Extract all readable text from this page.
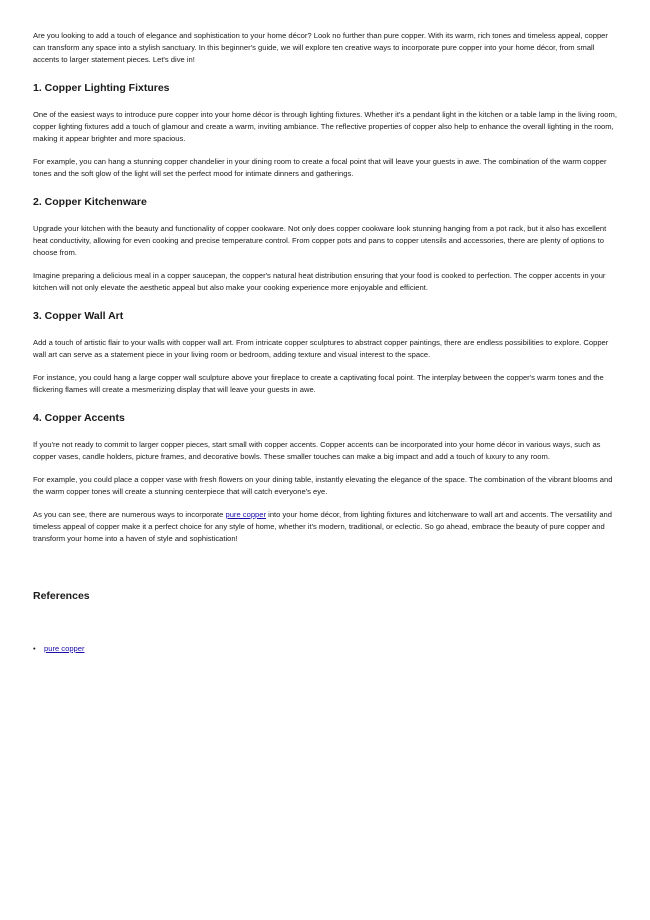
Are you looking to add a touch of elegance and sophistication to your home décor? Look no further than pure copper. With its warm, rich tones and timeless appeal, copper can transform any space into a stylish sanctuary. In this beginner's guide, we will explore ten creative ways to incorporate pure copper into your home décor, from small accents to larger statement pieces. Let's dive in!

1. Copper Lighting Fixtures

One of the easiest ways to introduce pure copper into your home décor is through lighting fixtures. Whether it's a pendant light in the kitchen or a table lamp in the living room, copper lighting fixtures add a touch of glamour and create a warm, inviting ambiance. The reflective properties of copper also help to enhance the overall lighting in the room, making it appear brighter and more spacious.

For example, you can hang a stunning copper chandelier in your dining room to create a focal point that will leave your guests in awe. The combination of the warm copper tones and the soft glow of the light will set the perfect mood for intimate dinners and gatherings.

2. Copper Kitchenware

Upgrade your kitchen with the beauty and functionality of copper cookware. Not only does copper cookware look stunning hanging from a pot rack, but it also has excellent heat conductivity, allowing for even cooking and precise temperature control. From copper pots and pans to copper utensils and accessories, there are plenty of options to choose from.

Imagine preparing a delicious meal in a copper saucepan, the copper's natural heat distribution ensuring that your food is cooked to perfection. The copper accents in your kitchen will not only elevate the aesthetic appeal but also make your cooking experience more enjoyable and efficient.

3. Copper Wall Art

Add a touch of artistic flair to your walls with copper wall art. From intricate copper sculptures to abstract copper paintings, there are endless possibilities to explore. Copper wall art can serve as a statement piece in your living room or bedroom, adding texture and visual interest to the space.

For instance, you could hang a large copper wall sculpture above your fireplace to create a captivating focal point. The interplay between the copper's warm tones and the flickering flames will create a mesmerizing display that will leave your guests in awe.

4. Copper Accents

If you're not ready to commit to larger copper pieces, start small with copper accents. Copper accents can be incorporated into your home décor in various ways, such as copper vases, candle holders, picture frames, and decorative bowls. These smaller touches can make a big impact and add a touch of luxury to any room.

For example, you could place a copper vase with fresh flowers on your dining table, instantly elevating the elegance of the space. The combination of the vibrant blooms and the warm copper tones will create a stunning centerpiece that will catch everyone's eye.

As you can see, there are numerous ways to incorporate pure copper into your home décor, from lighting fixtures and kitchenware to wall art and accents. The versatility and timeless appeal of copper make it a perfect choice for any style of home, whether it's modern, traditional, or eclectic. So go ahead, embrace the beauty of pure copper and transform your home into a haven of style and sophistication!

References
• pure copper
